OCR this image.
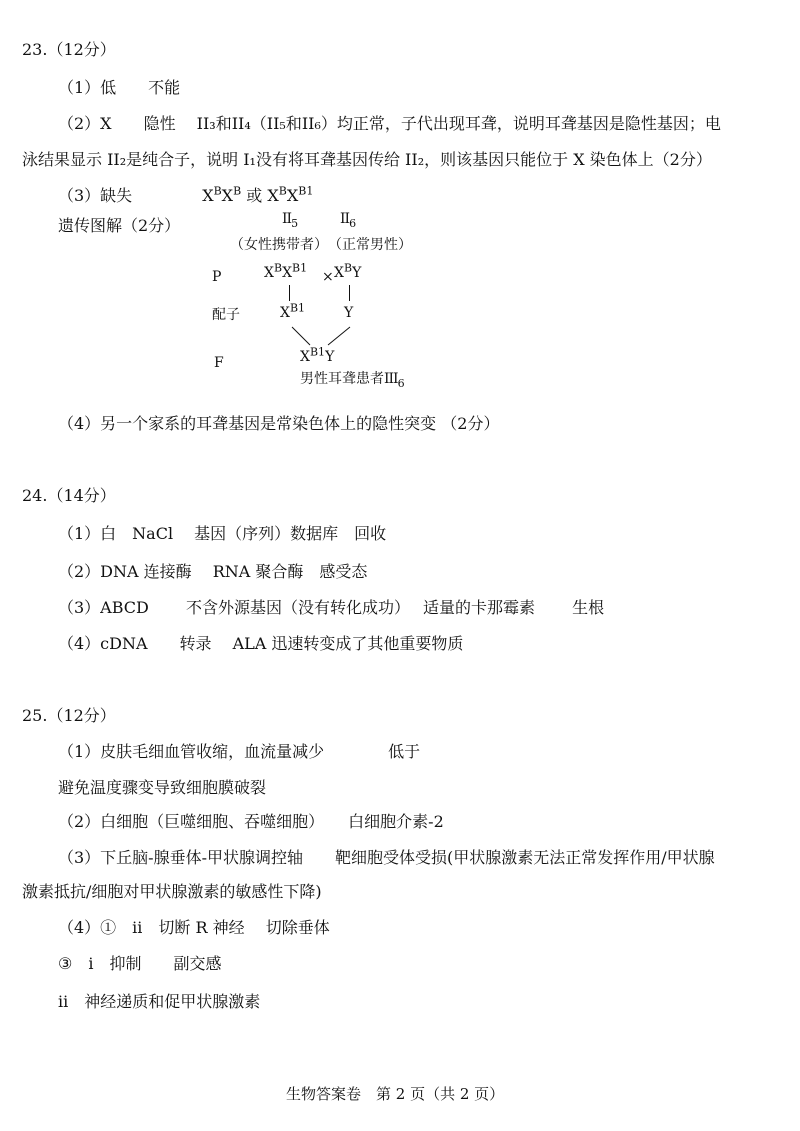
23.（12分）
（1）低　　不能
（2）X　　隐性　 II₃和II₄（II₅和II₆）均正常，子代出现耳聋，说明耳聋基因是隐性基因；电
泳结果显示 II₂是纯合子，说明 I₁没有将耳聋基因传给 II₂，则该基因只能位于 X 染色体上（2分）
（3）缺失	$X^BX^B$ 或 $X^BX^{B1}$
遗传图解（2分）	$II_5$	$II_6$
（女性携带者） （正常男性）
P	$X^BX^{B1}$
× $X^BY$
配子	$X^{B1}$	Y
F	$X^{B1}Y$
男性耳聋患者$III_6$
（4）另一个家系的耳聋基因是常染色体上的隐性突变 （2分）
24.（14分）
（1）白　NaCl　 基因（序列）数据库　回收
（2）DNA 连接酶　 RNA 聚合酶　感受态
（3）ABCD　　 不含外源基因（没有转化成功）　 适量的卡那霉素　　 生根
（4）cDNA　　转录　 ALA 迅速转变成了其他重要物质
25.（12分）
（1）皮肤毛细血管收缩，血流量减少　　　　低于
避免温度骤变导致细胞膜破裂
（2）白细胞（巨噬细胞、吞噬细胞）　　白细胞介素-2
（3）下丘脑-腺垂体-甲状腺调控轴　　靶细胞受体受损(甲状腺激素无法正常发挥作用/甲状腺
激素抵抗/细胞对甲状腺激素的敏感性下降)
（4）①　ii　切断 R 神经　 切除垂体
③　i　抑制　　副交感
ii　神经递质和促甲状腺激素
生物答案卷　第 2 页（共 2 页）
